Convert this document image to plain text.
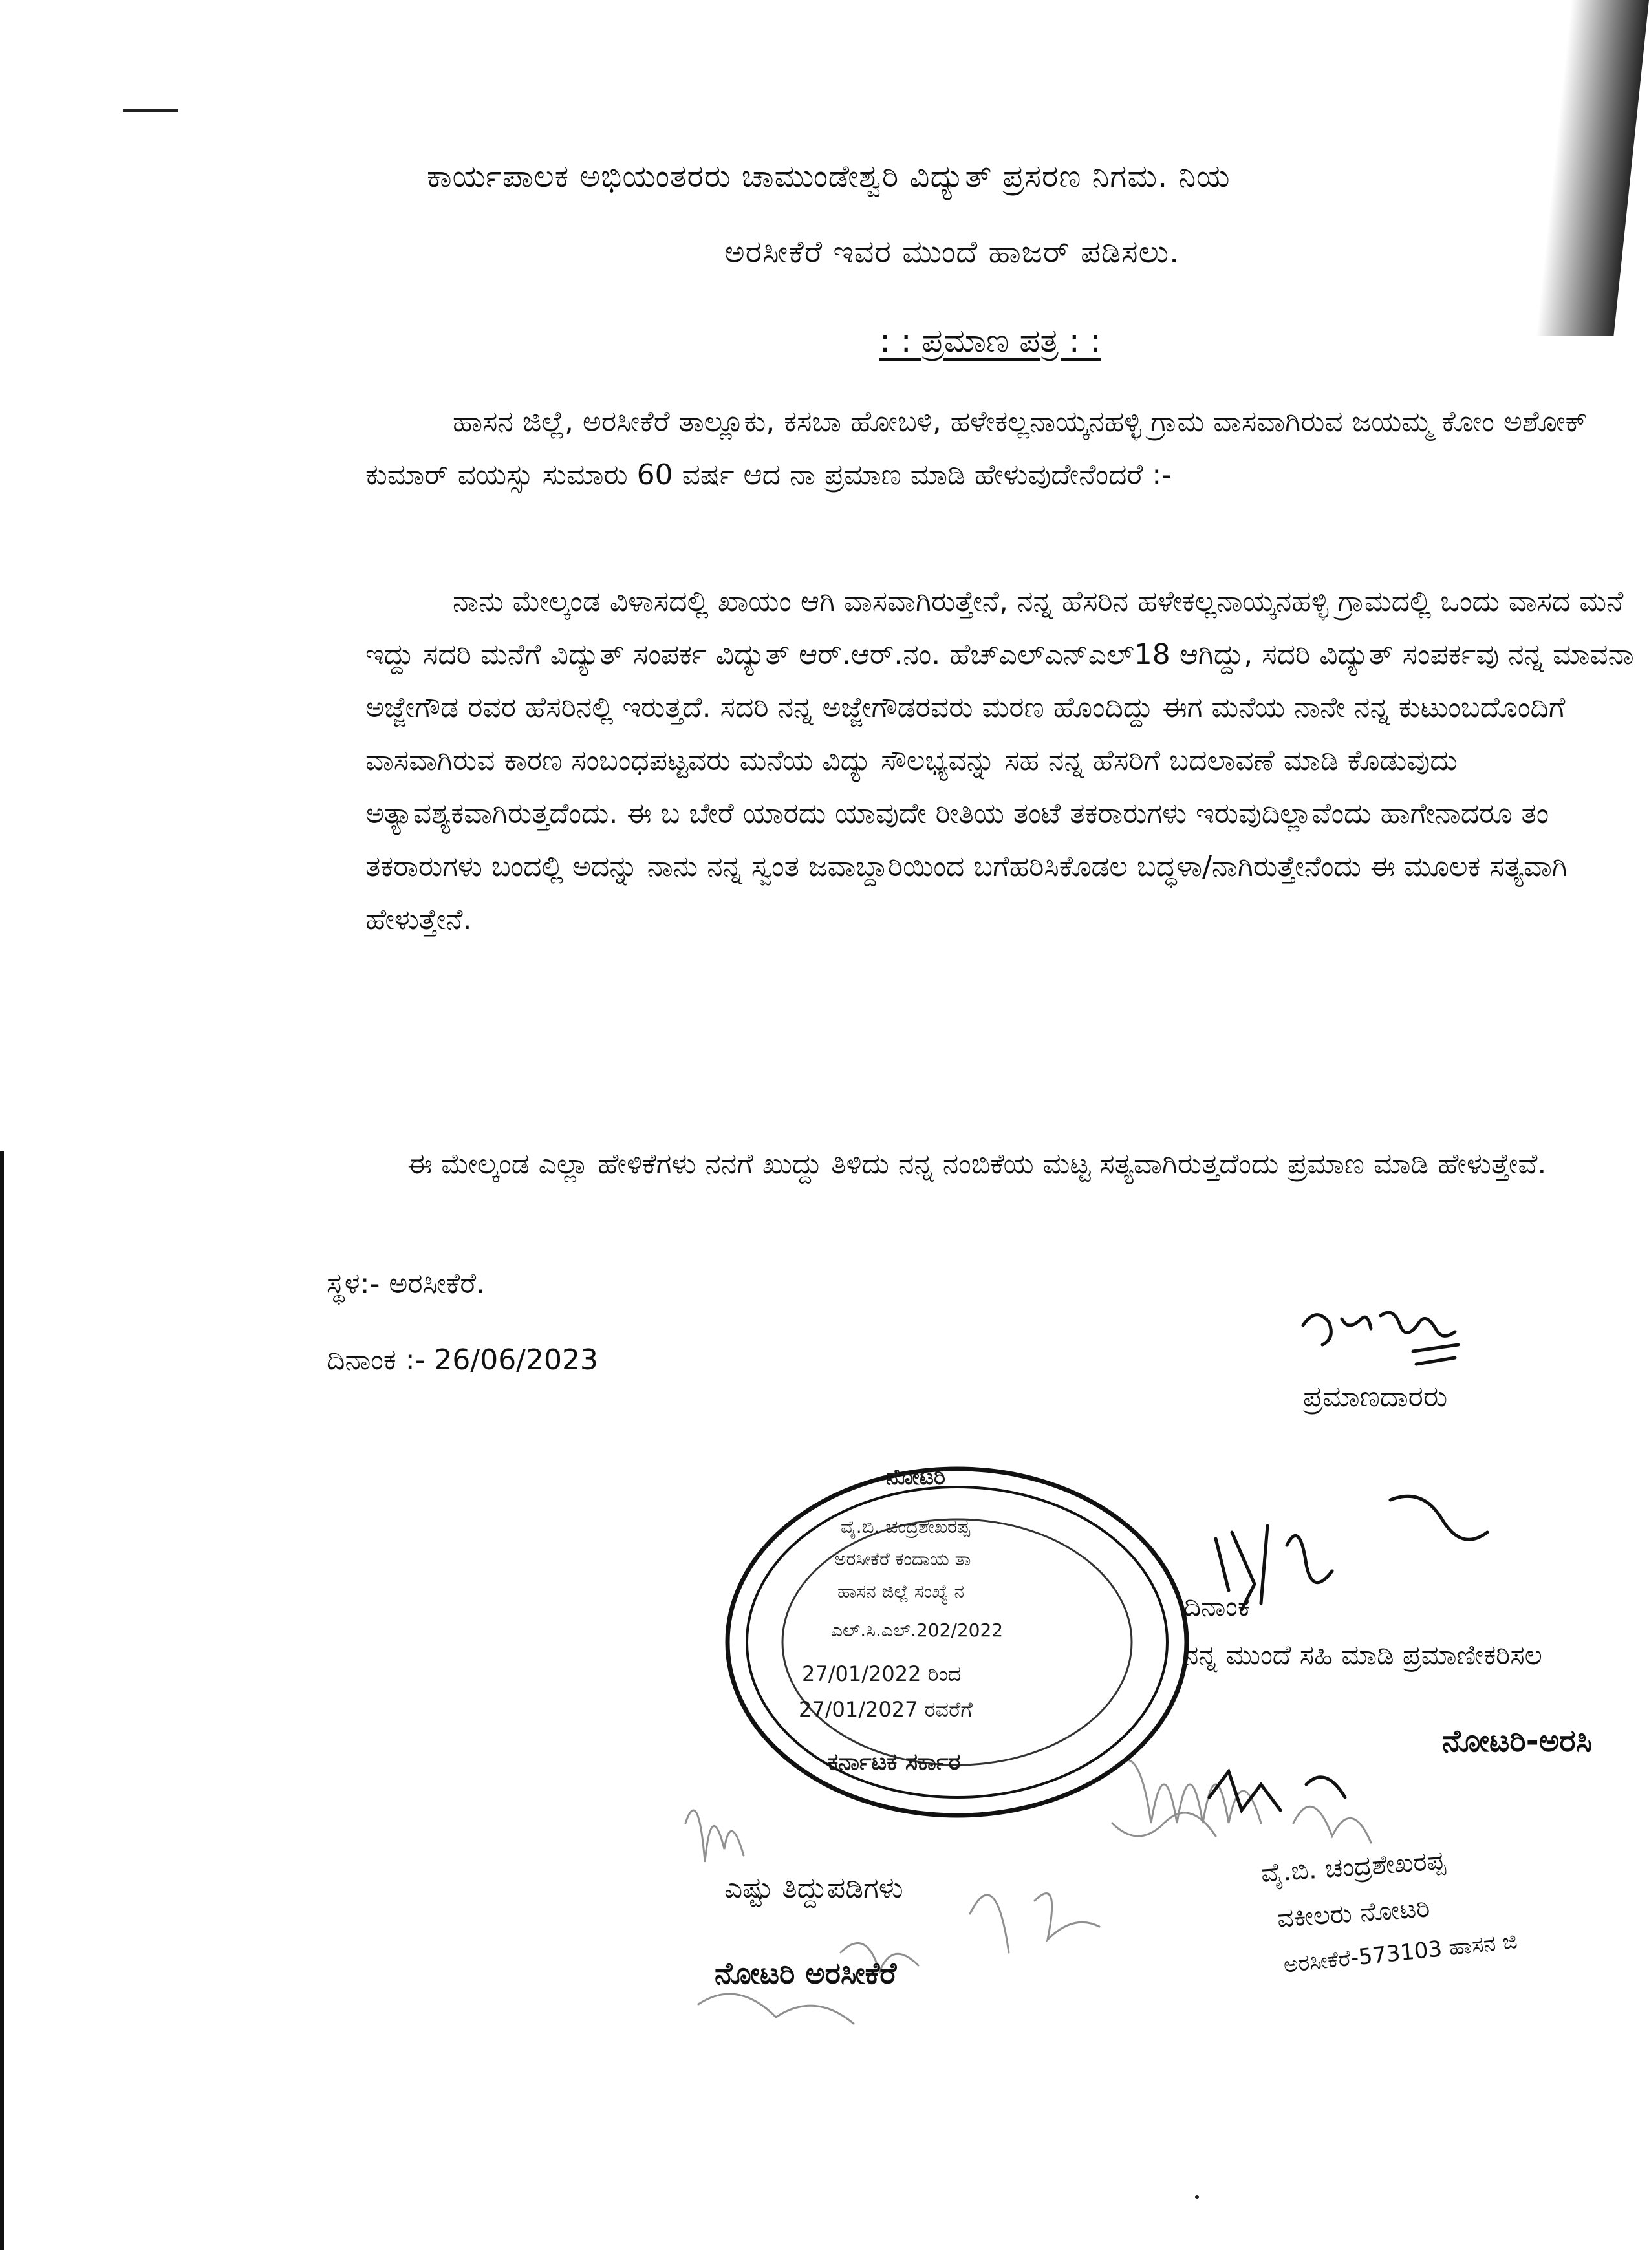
ಕಾರ್ಯಪಾಲಕ ಅಭಿಯಂತರರು ಚಾಮುಂಡೇಶ್ವರಿ ವಿದ್ಯುತ್ ಪ್ರಸರಣ ನಿಗಮ. ನಿಯ
ಅರಸೀಕೆರೆ ಇವರ ಮುಂದೆ ಹಾಜರ್ ಪಡಿಸಲು.
: : ಪ್ರಮಾಣ ಪತ್ರ : :
ಹಾಸನ ಜಿಲ್ಲೆ, ಅರಸೀಕೆರೆ ತಾಲ್ಲೂಕು, ಕಸಬಾ ಹೋಬಳಿ, ಹಳೇಕಲ್ಲನಾಯ್ಕನಹಳ್ಳಿ ಗ್ರಾಮ ವಾಸವಾಗಿರುವ ಜಯಮ್ಮ ಕೋಂ ಅಶೋಕ್ ಕುಮಾರ್ ವಯಸ್ಸು ಸುಮಾರು 60 ವರ್ಷ ಆದ ನಾ ಪ್ರಮಾಣ ಮಾಡಿ ಹೇಳುವುದೇನೆಂದರೆ :-
ನಾನು ಮೇಲ್ಕಂಡ ವಿಳಾಸದಲ್ಲಿ ಖಾಯಂ ಆಗಿ ವಾಸವಾಗಿರುತ್ತೇನೆ, ನನ್ನ ಹೆಸರಿನ ಹಳೇಕಲ್ಲನಾಯ್ಕನಹಳ್ಳಿ ಗ್ರಾಮದಲ್ಲಿ ಒಂದು ವಾಸದ ಮನೆ ಇದ್ದು ಸದರಿ ಮನೆಗೆ ವಿದ್ಯುತ್ ಸಂಪರ್ಕ ವಿದ್ಯುತ್ ಆರ್.ಆರ್.ನಂ. ಹೆಚ್ಎಲ್ಎನ್ಎಲ್18 ಆಗಿದ್ದು, ಸದರಿ ವಿದ್ಯುತ್ ಸಂಪರ್ಕವು ನನ್ನ ಮಾವನಾ ಅಜ್ಜೇಗೌಡ ರವರ ಹೆಸರಿನಲ್ಲಿ ಇರುತ್ತದೆ. ಸದರಿ ನನ್ನ ಅಜ್ಜೇಗೌಡರವರು ಮರಣ ಹೊಂದಿದ್ದು ಈಗ ಮನೆಯ ನಾನೇ ನನ್ನ ಕುಟುಂಬದೊಂದಿಗೆ ವಾಸವಾಗಿರುವ ಕಾರಣ ಸಂಬಂಧಪಟ್ಟವರು ಮನೆಯ ವಿದ್ಯು ಸೌಲಭ್ಯವನ್ನು ಸಹ ನನ್ನ ಹೆಸರಿಗೆ ಬದಲಾವಣೆ ಮಾಡಿ ಕೊಡುವುದು ಅತ್ಯಾವಶ್ಯಕವಾಗಿರುತ್ತದೆಂದು. ಈ ಬ ಬೇರೆ ಯಾರದು ಯಾವುದೇ ರೀತಿಯ ತಂಟೆ ತಕರಾರುಗಳು ಇರುವುದಿಲ್ಲಾವೆಂದು ಹಾಗೇನಾದರೂ ತಂ ತಕರಾರುಗಳು ಬಂದಲ್ಲಿ ಅದನ್ನು ನಾನು ನನ್ನ ಸ್ವಂತ ಜವಾಬ್ದಾರಿಯಿಂದ ಬಗೆಹರಿಸಿಕೊಡಲ ಬದ್ಧಳಾ/ನಾಗಿರುತ್ತೇನೆಂದು ಈ ಮೂಲಕ ಸತ್ಯವಾಗಿ ಹೇಳುತ್ತೇನೆ.
ಈ ಮೇಲ್ಕಂಡ ಎಲ್ಲಾ ಹೇಳಿಕೆಗಳು ನನಗೆ ಖುದ್ದು ತಿಳಿದು ನನ್ನ ನಂಬಿಕೆಯ ಮಟ್ಟ ಸತ್ಯವಾಗಿರುತ್ತದೆಂದು ಪ್ರಮಾಣ ಮಾಡಿ ಹೇಳುತ್ತೇವೆ.
ಸ್ಥಳ:- ಅರಸೀಕೆರೆ.
ದಿನಾಂಕ :- 26/06/2023
ಪ್ರಮಾಣದಾರರು
ನೋಟರಿ
ವೈ.ಬಿ. ಚಂದ್ರಶೇಖರಪ್ಪ
ಅರಸೀಕೆರೆ ಕಂದಾಯ ತಾ
ಹಾಸನ ಜಿಲ್ಲೆ ಸಂಖ್ಯೆ ನ
ಎಲ್.ಸಿ.ಎಲ್.202/2022
27/01/2022 ರಿಂದ
27/01/2027 ರವರೆಗೆ
ಕರ್ನಾಟಕ ಸರ್ಕಾರ
ದಿನಾಂಕ
ನನ್ನ ಮುಂದೆ ಸಹಿ ಮಾಡಿ ಪ್ರಮಾಣೀಕರಿಸಲ
ನೋಟರಿ-ಅರಸಿ
ವೈ.ಬಿ. ಚಂದ್ರಶೇಖರಪ್ಪ
ವಕೀಲರು ನೋಟರಿ
ಅರಸೀಕೆರೆ-573103 ಹಾಸನ ಜಿ
ಎಷ್ಟು ತಿದ್ದುಪಡಿಗಳು
ನೋಟರಿ ಅರಸೀಕೆರೆ
